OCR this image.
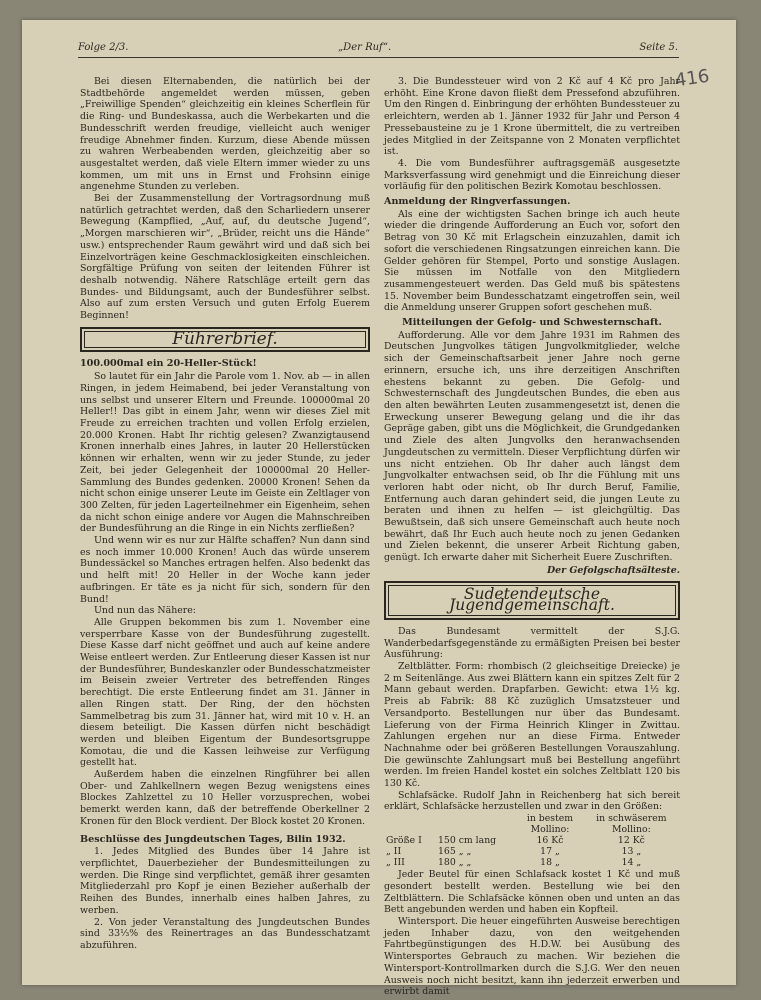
Folge 2/3.	„Der Ruf“.	Seite 5.
416

Bei diesen Elternabenden, die natürlich bei der Stadtbehörde angemeldet werden müssen, geben „Freiwillige Spenden“ gleichzeitig ein kleines Scherflein für die Ring- und Bundeskassa, auch die Werbekarten und die Bundesschrift werden freudige, vielleicht auch weniger freudige Abnehmer finden. Kurzum, diese Abende müssen zu wahren Werbeabenden werden, gleichzeitig aber so ausgestaltet werden, daß viele Eltern immer wieder zu uns kommen, um mit uns in Ernst und Frohsinn einige angenehme Stunden zu verleben.

Bei der Zusammenstellung der Vortragsordnung muß natürlich getrachtet werden, daß den Scharliedern unserer Bewegung (Kampflied, „Auf, auf, du deutsche Jugend“, „Morgen marschieren wir“, „Brüder, reicht uns die Hände“ usw.) entsprechender Raum gewährt wird und daß sich bei Einzelvorträgen keine Geschmacklosigkeiten einschleichen. Sorgfältige Prüfung von seiten der leitenden Führer ist deshalb notwendig. Nähere Ratschläge erteilt gern das Bundes- und Bildungsamt, auch der Bundesführer selbst. Also auf zum ersten Versuch und guten Erfolg Euerem Beginnen!

Führerbrief.
100.000mal ein 20-Heller-Stück!

So lautet für ein Jahr die Parole vom 1. Nov. ab — in allen Ringen, in jedem Heimabend, bei jeder Veranstaltung von uns selbst und unserer Eltern und Freunde. 100000mal 20 Heller!! Das gibt in einem Jahr, wenn wir dieses Ziel mit Freude zu erreichen trachten und vollen Erfolg erzielen, 20.000 Kronen. Habt Ihr richtig gelesen? Zwanzigtausend Kronen innerhalb eines Jahres, in lauter 20 Hellerstücken können wir erhalten, wenn wir zu jeder Stunde, zu jeder Zeit, bei jeder Gelegenheit der 100000mal 20 Heller-Sammlung des Bundes gedenken. 20000 Kronen! Sehen da nicht schon einige unserer Leute im Geiste ein Zeltlager von 300 Zelten, für jeden Lagerteilnehmer ein Eigenheim, sehen da nicht schon einige andere vor Augen die Mahnschreiben der Bundesführung an die Ringe in ein Nichts zerfließen?

Und wenn wir es nur zur Hälfte schaffen? Nun dann sind es noch immer 10.000 Kronen! Auch das würde unserem Bundessäckel so Manches ertragen helfen. Also bedenkt das und helft mit! 20 Heller in der Woche kann jeder aufbringen. Er täte es ja nicht für sich, sondern für den Bund!

Und nun das Nähere:

Alle Gruppen bekommen bis zum 1. November eine versperrbare Kasse von der Bundesführung zugestellt. Diese Kasse darf nicht geöffnet und auch auf keine andere Weise entleert werden. Zur Entleerung dieser Kassen ist nur der Bundesführer, Bundeskanzler oder Bundesschatzmeister im Beisein zweier Vertreter des betreffenden Ringes berechtigt. Die erste Entleerung findet am 31. Jänner in allen Ringen statt. Der Ring, der den höchsten Sammelbetrag bis zum 31. Jänner hat, wird mit 10 v. H. an diesem beteiligt. Die Kassen dürfen nicht beschädigt werden und bleiben Eigentum der Bundesortsgruppe Komotau, die und die Kassen leihweise zur Verfügung gestellt hat.

Außerdem haben die einzelnen Ringführer bei allen Ober- und Zahlkellnern wegen Bezug wenigstens eines Blockes Zahlzettel zu 10 Heller vorzusprechen, wobei bemerkt werden kann, daß der betreffende Oberkellner 2 Kronen für den Block verdient. Der Block kostet 20 Kronen.

Beschlüsse des Jungdeutschen Tages, Bilin 1932.

1. Jedes Mitglied des Bundes über 14 Jahre ist verpflichtet, Dauerbezieher der Bundesmitteilungen zu werden. Die Ringe sind verpflichtet, gemäß ihrer gesamten Mitgliederzahl pro Kopf je einen Bezieher außerhalb der Reihen des Bundes, innerhalb eines halben Jahres, zu werben.

2. Von jeder Veranstaltung des Jungdeutschen Bundes sind 33⅓% des Reinertrages an das Bundesschatzamt abzuführen.

3. Die Bundessteuer wird von 2 Kč auf 4 Kč pro Jahr erhöht. Eine Krone davon fließt dem Pressefond abzuführen. Um den Ringen d. Einbringung der erhöhten Bundessteuer zu erleichtern, werden ab 1. Jänner 1932 für Jahr und Person 4 Pressebausteine zu je 1 Krone übermittelt, die zu vertreiben jedes Mitglied in der Zeitspanne von 2 Monaten verpflichtet ist.

4. Die vom Bundesführer auftragsgemäß ausgesetzte Marksverfassung wird genehmigt und die Einreichung dieser vorläufig für den politischen Bezirk Komotau beschlossen.

Anmeldung der Ringverfassungen.

Als eine der wichtigsten Sachen bringe ich auch heute wieder die dringende Aufforderung an Euch vor, sofort den Betrag von 30 Kč mit Erlagschein einzuzahlen, damit ich sofort die verschiedenen Ringsatzungen einreichen kann. Die Gelder gehören für Stempel, Porto und sonstige Auslagen. Sie müssen im Notfalle von den Mitgliedern zusammengesteuert werden. Das Geld muß bis spätestens 15. November beim Bundesschatzamt eingetroffen sein, weil die Anmeldung unserer Gruppen sofort geschehen muß.

Mitteilungen der Gefolg- und Schwesternschaft.

Aufforderung. Alle vor dem Jahre 1931 im Rahmen des Deutschen Jungvolkes tätigen Jungvolkmitglieder, welche sich der Gemeinschaftsarbeit jener Jahre noch gerne erinnern, ersuche ich, uns ihre derzeitigen Anschriften ehestens bekannt zu geben. Die Gefolg- und Schwesternschaft des Jungdeutschen Bundes, die eben aus den alten bewährten Leuten zusammengesetzt ist, denen die Erweckung unserer Bewegung gelang und die ihr das Gepräge gaben, gibt uns die Möglichkeit, die Grundgedanken und Ziele des alten Jungvolks den heranwachsenden Jungdeutschen zu vermitteln. Dieser Verpflichtung dürfen wir uns nicht entziehen. Ob Ihr daher auch längst dem Jungvolkalter entwachsen seid, ob Ihr die Fühlung mit uns verloren habt oder nicht, ob Ihr durch Beruf, Familie, Entfernung auch daran gehindert seid, die jungen Leute zu beraten und ihnen zu helfen — ist gleichgültig. Das Bewußtsein, daß sich unsere Gemeinschaft auch heute noch bewährt, daß Ihr Euch auch heute noch zu jenen Gedanken und Zielen bekennt, die unserer Arbeit Richtung gaben, genügt. Ich erwarte daher mit Sicherheit Euere Zuschriften.

Der Gefolgschaftsälteste.
Sudetendeutsche Jugendgemeinschaft.

Das Bundesamt vermittelt der S.J.G. Wanderbedarfsgegenstände zu ermäßigten Preisen bei bester Ausführung:

Zeltblätter. Form: rhombisch (2 gleichseitige Dreiecke) je 2 m Seitenlänge. Aus zwei Blättern kann ein spitzes Zelt für 2 Mann gebaut werden. Drapfarben. Gewicht: etwa 1½ kg. Preis ab Fabrik: 88 Kč zuzüglich Umsatzsteuer und Versandporto. Bestellungen nur über das Bundesamt. Lieferung von der Firma Heinrich Klinger in Zwittau. Zahlungen ergehen nur an diese Firma. Entweder Nachnahme oder bei größeren Bestellungen Vorauszahlung. Die gewünschte Zahlungsart muß bei Bestellung angeführt werden. Im freien Handel kostet ein solches Zeltblatt 120 bis 130 Kč.

Schlafsäcke. Rudolf Jahn in Reichenberg hat sich bereit erklärt, Schlafsäcke herzustellen und zwar in den Größen:

		in bestem	in schwäserem
		Mollino:	Mollino:
Größe I	150 cm lang	16 Kč	12 Kč
„ II	165 „ „	17 „	13 „
„ III	180 „ „	18 „	14 „

Jeder Beutel für einen Schlafsack kostet 1 Kč und muß gesondert bestellt werden. Bestellung wie bei den Zeltblättern. Die Schlafsäcke können oben und unten an das Bett angebunden werden und haben ein Kopfteil.

Wintersport. Die heuer eingeführten Ausweise berechtigen jeden Inhaber dazu, von den weitgehenden Fahrtbegünstigungen des H.D.W. bei Ausübung des Wintersportes Gebrauch zu machen. Wir beziehen die Wintersport-Kontrollmarken durch die S.J.G. Wer den neuen Ausweis noch nicht besitzt, kann ihn jederzeit erwerben und erwirbt damit
